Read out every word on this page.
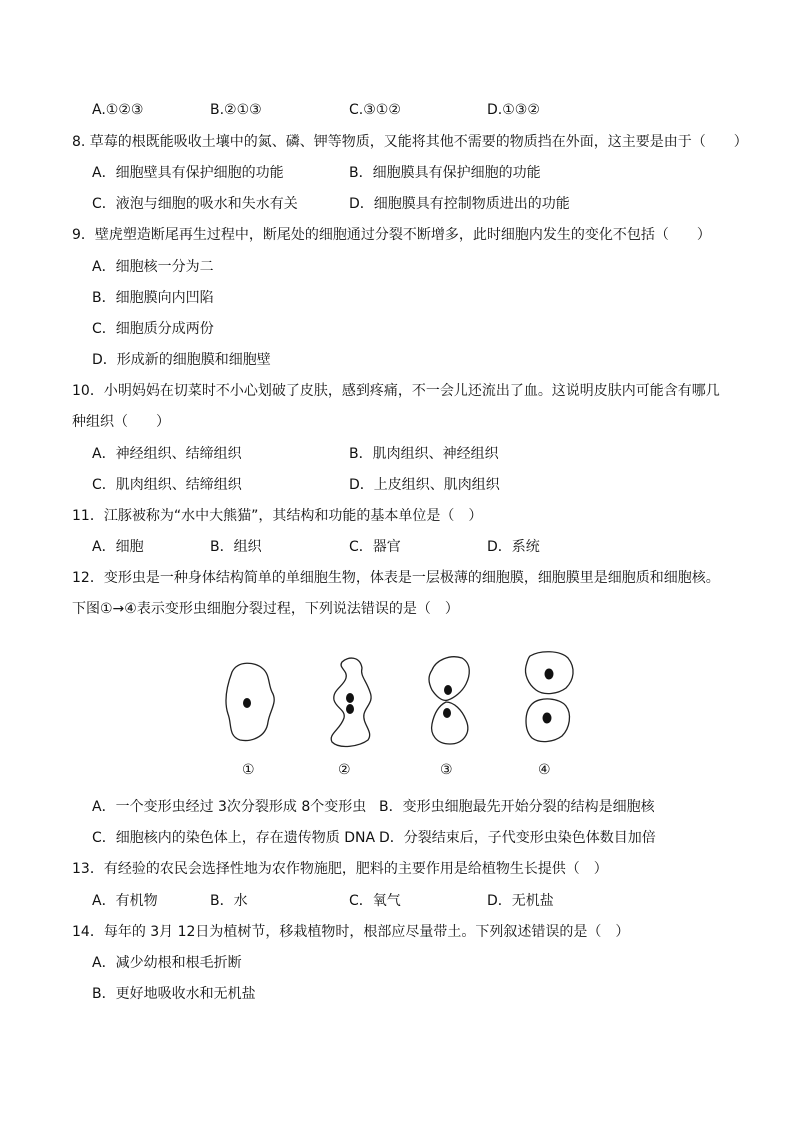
A.①②③	B.②①③	C.③①②	D.①③②
8. 草莓的根既能吸收土壤中的氮、磷、钾等物质，又能将其他不需要的物质挡在外面，这主要是由于（　　）
A．细胞壁具有保护细胞的功能	B．细胞膜具有保护细胞的功能
C．液泡与细胞的吸水和失水有关	D．细胞膜具有控制物质进出的功能
9．壁虎塑造断尾再生过程中，断尾处的细胞通过分裂不断增多，此时细胞内发生的变化不包括（　　）
A．细胞核一分为二
B．细胞膜向内凹陷
C．细胞质分成两份
D．形成新的细胞膜和细胞壁
10．小明妈妈在切菜时不小心划破了皮肤，感到疼痛，不一会儿还流出了血。这说明皮肤内可能含有哪几
种组织（　　）
A．神经组织、结缔组织	B．肌肉组织、神经组织
C．肌肉组织、结缔组织	D．上皮组织、肌肉组织
11．江豚被称为“水中大熊猫”，其结构和功能的基本单位是（　）
A．细胞	B．组织	C．器官	D．系统
12．变形虫是一种身体结构简单的单细胞生物，体表是一层极薄的细胞膜，细胞膜里是细胞质和细胞核。
下图①→④表示变形虫细胞分裂过程，下列说法错误的是（　）
①	②	③	④
A．一个变形虫经过 3次分裂形成 8个变形虫 B．变形虫细胞最先开始分裂的结构是细胞核
C．细胞核内的染色体上，存在遗传物质 DNA D．分裂结束后，子代变形虫染色体数目加倍
13．有经验的农民会选择性地为农作物施肥，肥料的主要作用是给植物生长提供（　）
A．有机物	B．水	C．氧气	D．无机盐
14．每年的 3月 12日为植树节，移栽植物时，根部应尽量带土。下列叙述错误的是（　）
A．减少幼根和根毛折断
B．更好地吸收水和无机盐
